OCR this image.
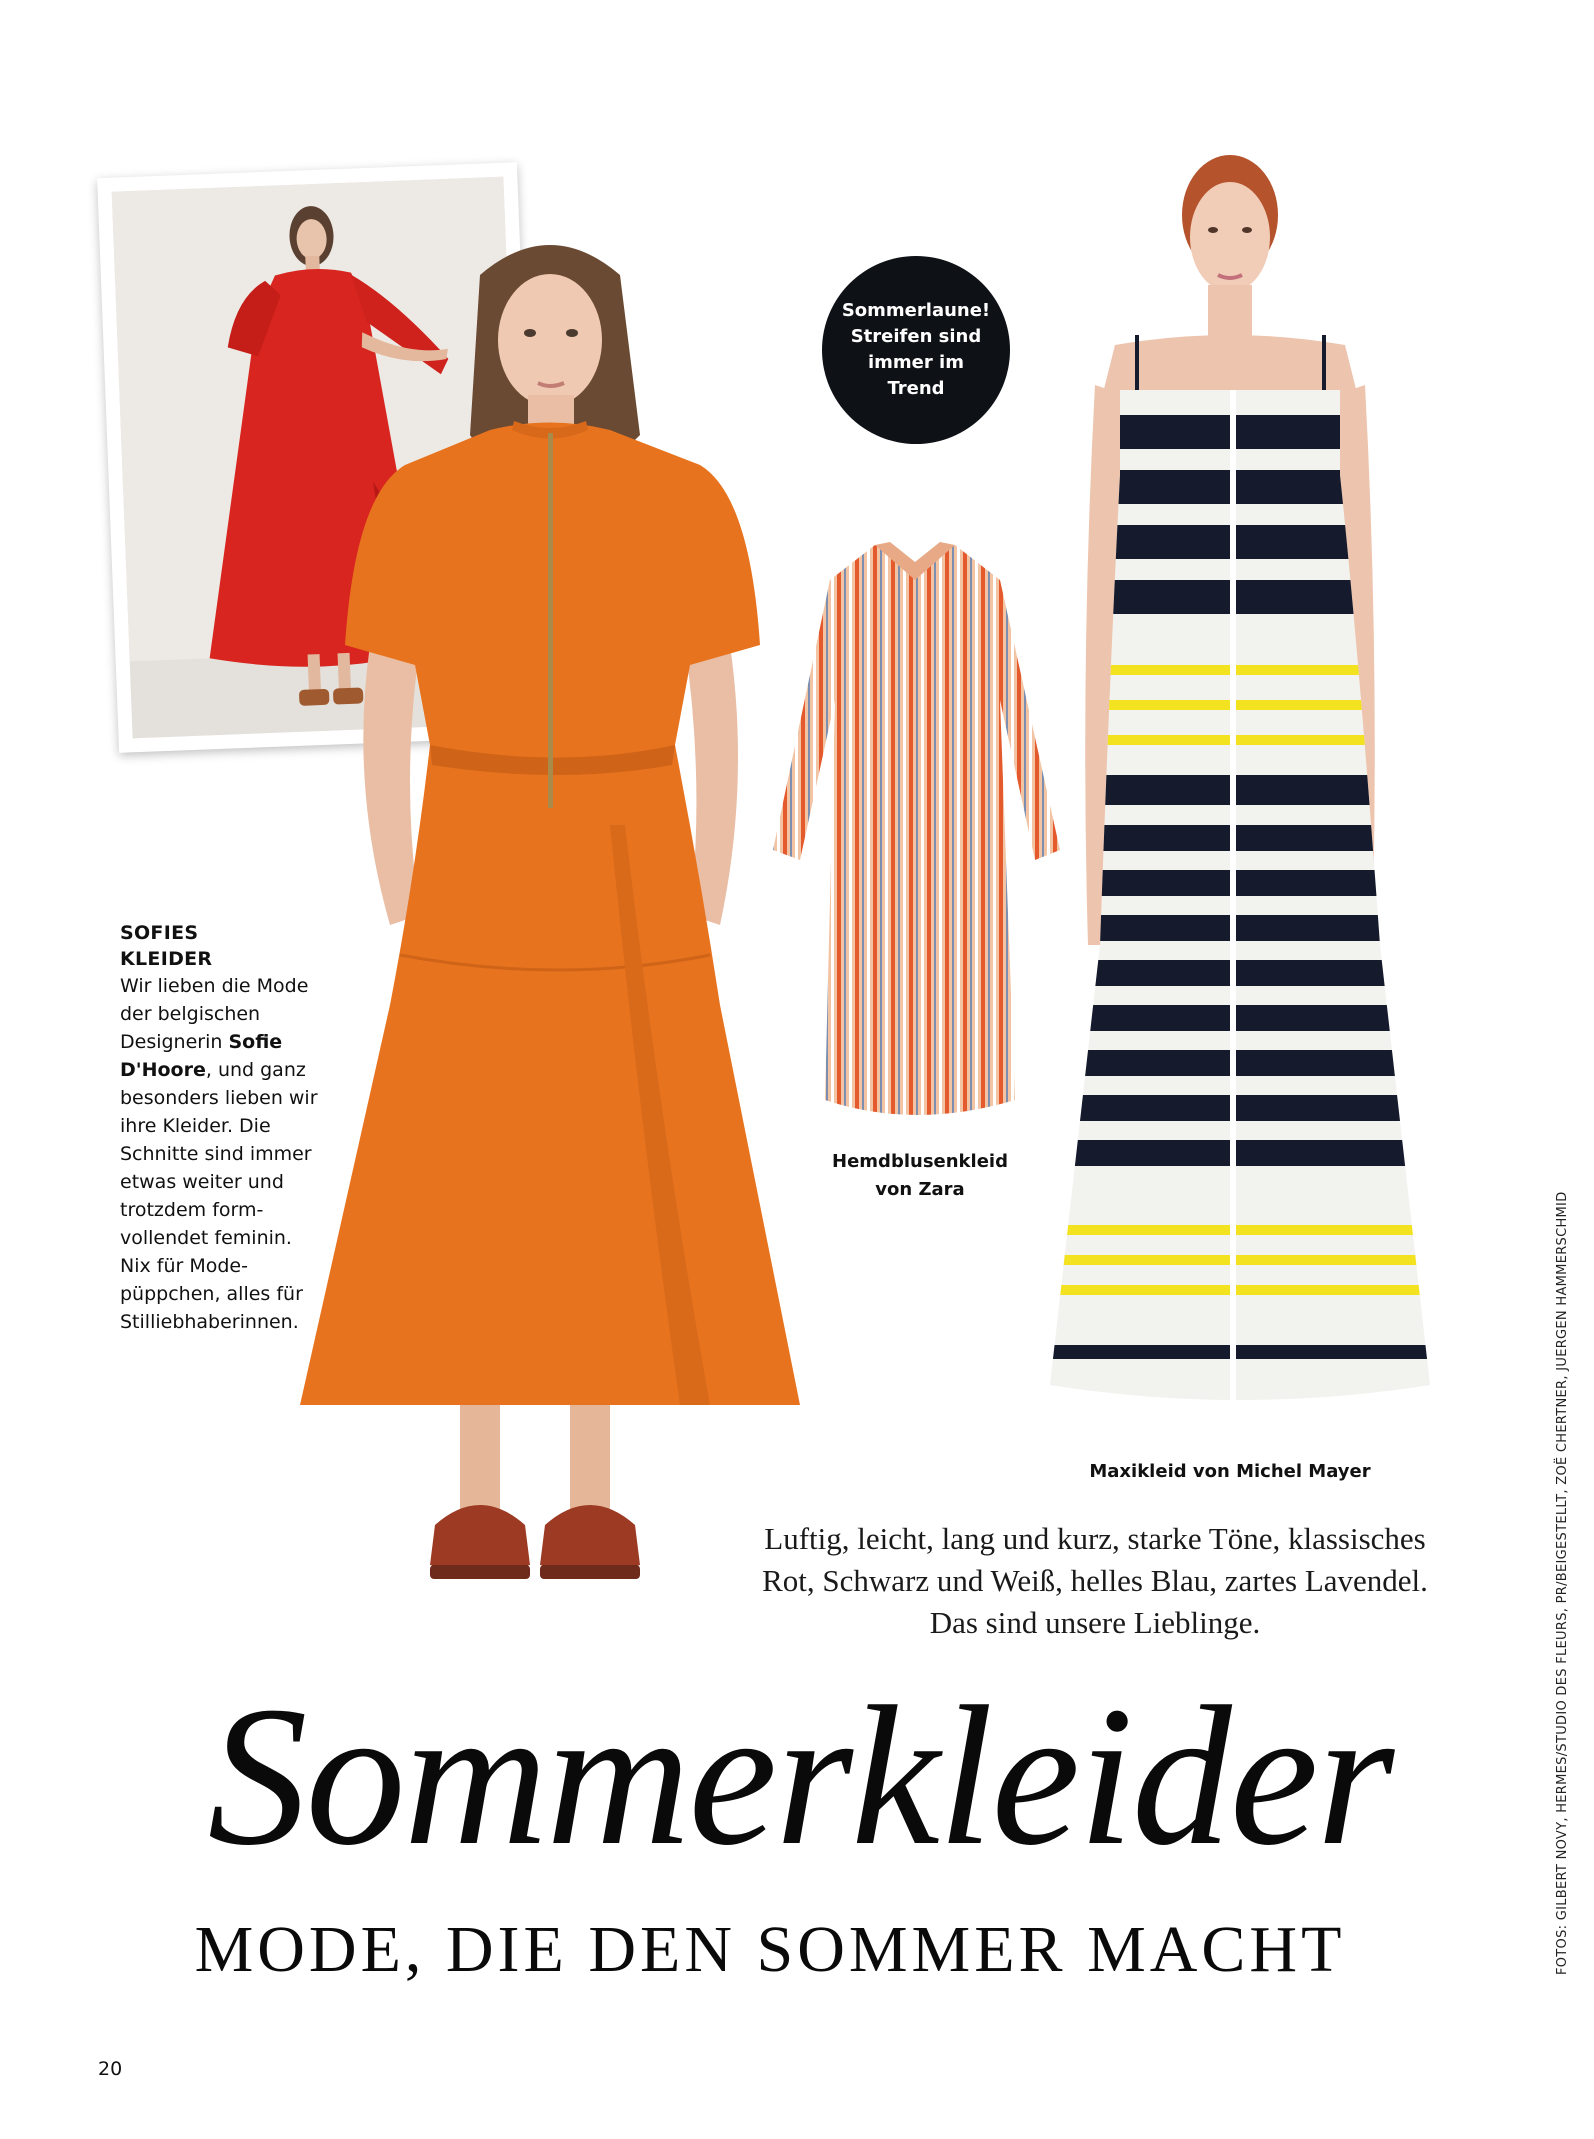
SOFIES
KLEIDER
Wir lieben die Mode der belgischen Designerin Sofie D'Hoore, und ganz besonders lieben wir ihre Kleider. Die Schnitte sind immer etwas weiter und trotzdem formvollendet feminin. Nix für Modepüppchen, alles für Stilliebhaberinnen.
Sommerlaune!
Streifen sind
immer im
Trend
Hemdblusenkleid
von Zara
Maxikleid von Michel Mayer
Luftig, leicht, lang und kurz, starke Töne, klassisches Rot, Schwarz und Weiß, helles Blau, zartes Lavendel. Das sind unsere Lieblinge.
Sommerkleider
MODE, DIE DEN SOMMER MACHT	FOTOS: GILBERT NOVY, HERMES/STUDIO DES FLEURS, PR/BEIGESTELLT, ZOË CHERTNER, JUERGEN HAMMERSCHMID
20
